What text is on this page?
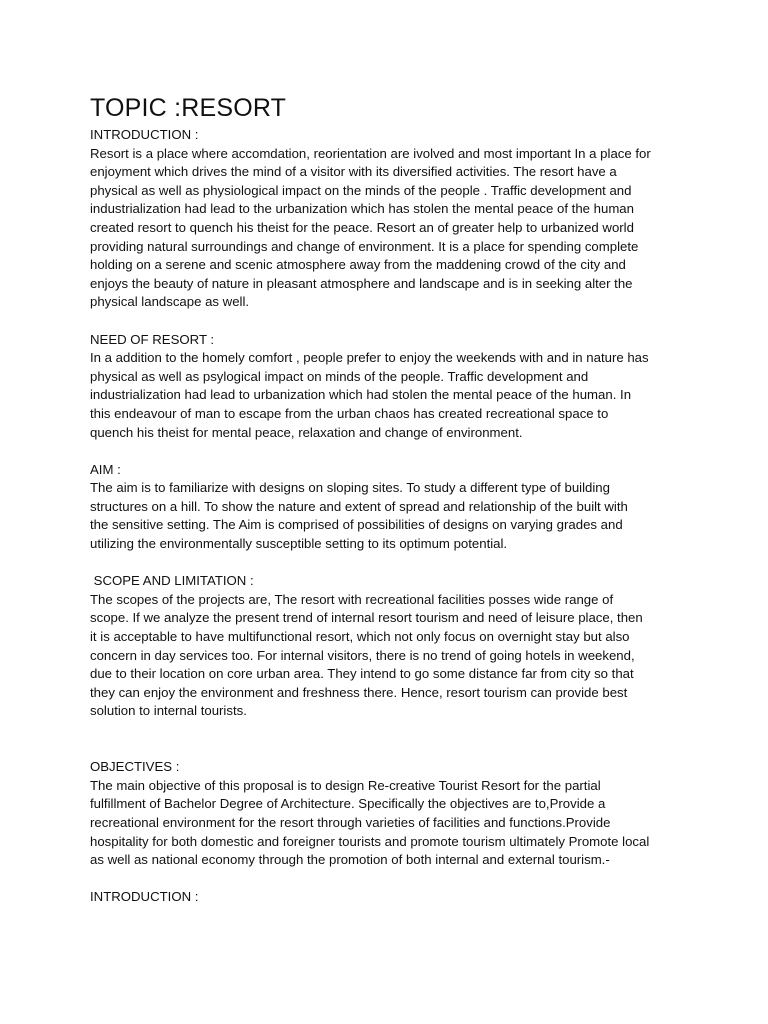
TOPIC :RESORT
INTRODUCTION :
Resort is a place where accomdation, reorientation are ivolved and most important In a place for
enjoyment which drives the mind of a visitor with its diversified activities. The resort have a
physical as well as physiological impact on the minds of the people . Traffic development and
industrialization had lead to the urbanization which has stolen the mental peace of the human
created resort to quench his theist for the peace. Resort an of greater help to urbanized world
providing natural surroundings and change of environment. It is a place for spending complete
holding on a serene and scenic atmosphere away from the maddening crowd of the city and
enjoys the beauty of nature in pleasant atmosphere and landscape and is in seeking alter the
physical landscape as well.
NEED OF RESORT :
In a addition to the homely comfort , people prefer to enjoy the weekends with and in nature has
physical as well as psylogical impact on minds of the people. Traffic development and
industrialization had lead to urbanization which had stolen the mental peace of the human. In
this endeavour of man to escape from the urban chaos has created recreational space to
quench his theist for mental peace, relaxation and change of environment.
AIM :
The aim is to familiarize with designs on sloping sites. To study a different type of building
structures on a hill. To show the nature and extent of spread and relationship of the built with
the sensitive setting. The Aim is comprised of possibilities of designs on varying grades and
utilizing the environmentally susceptible setting to its optimum potential.
SCOPE AND LIMITATION :
The scopes of the projects are, The resort with recreational facilities posses wide range of
scope. If we analyze the present trend of internal resort tourism and need of leisure place, then
it is acceptable to have multifunctional resort, which not only focus on overnight stay but also
concern in day services too. For internal visitors, there is no trend of going hotels in weekend,
due to their location on core urban area. They intend to go some distance far from city so that
they can enjoy the environment and freshness there. Hence, resort tourism can provide best
solution to internal tourists.
OBJECTIVES :
The main objective of this proposal is to design Re-creative Tourist Resort for the partial
fulfillment of Bachelor Degree of Architecture. Specifically the objectives are to,Provide a
recreational environment for the resort through varieties of facilities and functions.Provide
hospitality for both domestic and foreigner tourists and promote tourism ultimately Promote local
as well as national economy through the promotion of both internal and external tourism.-
INTRODUCTION :
